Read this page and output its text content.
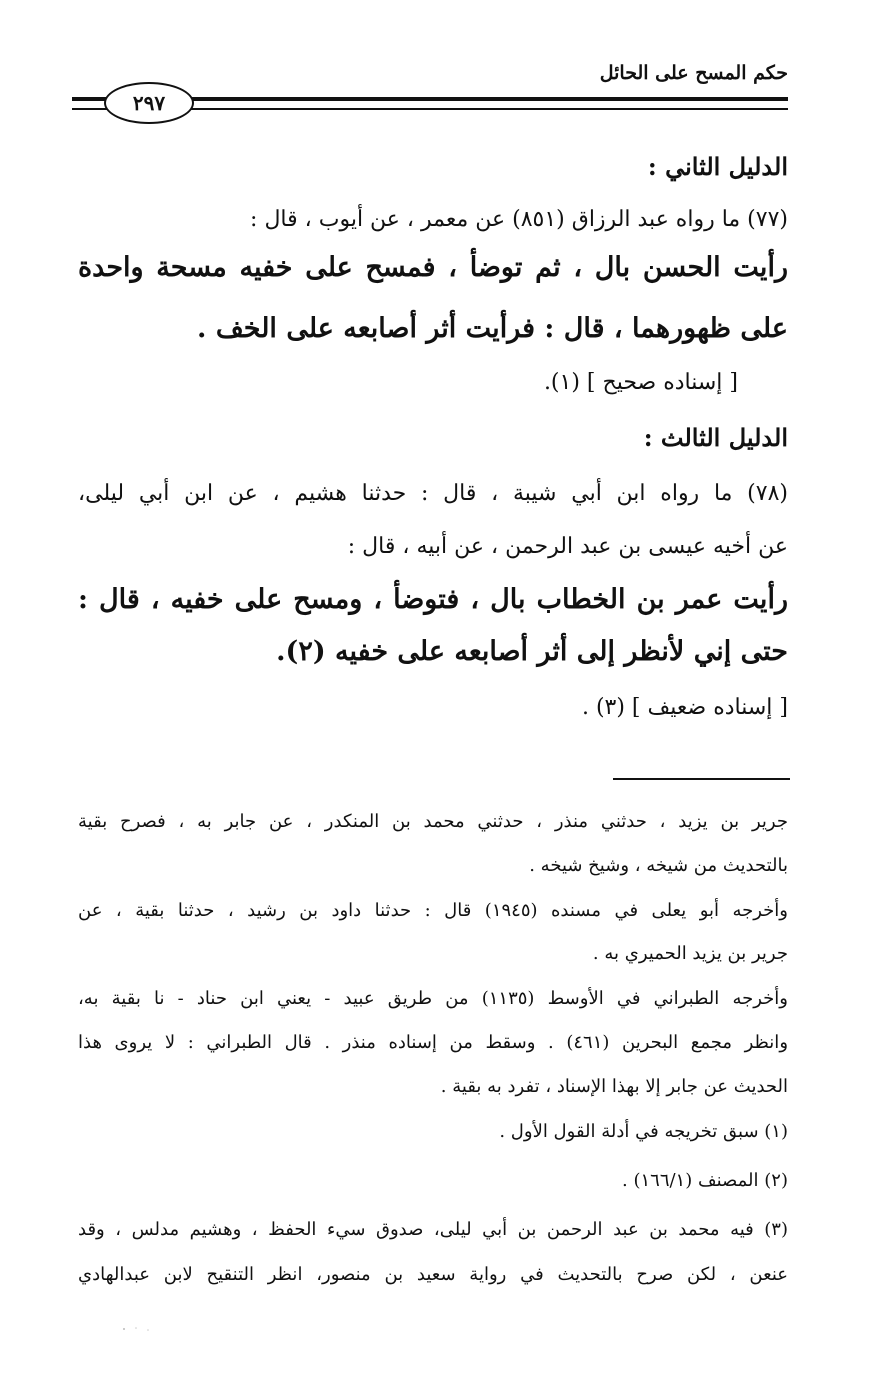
حكم المسح على الحائل
٢٩٧
الدليل الثاني :
(٧٧) ما رواه عبد الرزاق (٨٥١) عن معمر ، عن أيوب ، قال :
رأيت الحسن بال ، ثم توضأ ، فمسح على خفيه مسحة واحدة
على ظهورهما ، قال : فرأيت أثر أصابعه على الخف .
[ إسناده صحيح ] (١).
الدليل الثالث :
(٧٨) ما رواه ابن أبي شيبة ، قال : حدثنا هشيم ، عن ابن أبي ليلى،
عن أخيه عيسى بن عبد الرحمن ، عن أبيه ، قال :
رأيت عمر بن الخطاب بال ، فتوضأ ، ومسح على خفيه ، قال :
حتى إني لأنظر إلى أثر أصابعه على خفيه (٢).
[ إسناده ضعيف ] (٣) .
جرير بن يزيد ، حدثني منذر ، حدثني محمد بن المنكدر ، عن جابر به ، فصرح بقية
بالتحديث من شيخه ، وشيخ شيخه .
وأخرجه أبو يعلى في مسنده (١٩٤٥) قال : حدثنا داود بن رشيد ، حدثنا بقية ، عن
جرير بن يزيد الحميري به .
وأخرجه الطبراني في الأوسط (١١٣٥) من طريق عبيد - يعني ابن حناد - نا بقية به،
وانظر مجمع البحرين (٤٦١) . وسقط من إسناده منذر . قال الطبراني : لا يروى هذا
الحديث عن جابر إلا بهذا الإسناد ، تفرد به بقية .
(١) سبق تخريجه في أدلة القول الأول .
(٢) المصنف (١٦٦/١) .
(٣) فيه محمد بن عبد الرحمن بن أبي ليلى، صدوق سيء الحفظ ، وهشيم مدلس ، وقد
عنعن ، لكن صرح بالتحديث في رواية سعيد بن منصور، انظر التنقيح لابن عبدالهادي
